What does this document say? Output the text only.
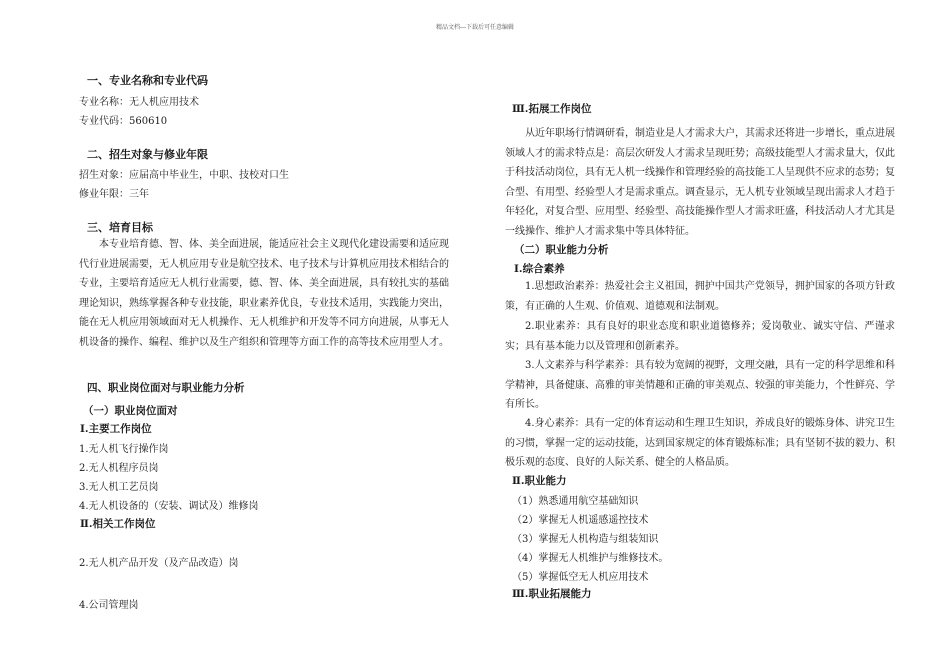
精品文档---下载后可任意编辑
一、专业名称和专业代码
专业名称：无人机应用技术
专业代码：560610
二、招生对象与修业年限
招生对象：应届高中毕业生，中职、技校对口生
修业年限：三年
三、培育目标

本专业培育德、智、体、美全面进展，能适应社会主义现代化建设需要和适应现代行业进展需要，无人机应用专业是航空技术、电子技术与计算机应用技术相结合的专业，主要培育适应无人机行业需要，德、智、体、美全面进展，具有较扎实的基础理论知识，熟练掌握各种专业技能，职业素养优良，专业技术适用，实践能力突出，能在无人机应用领域面对无人机操作、无人机维护和开发等不同方向进展，从事无人机设备的操作、编程、维护以及生产组织和管理等方面工作的高等技术应用型人才。

四、职业岗位面对与职业能力分析
（一）职业岗位面对
Ⅰ.主要工作岗位
1.无人机飞行操作岗
2.无人机程序员岗
3.无人机工艺员岗
4.无人机设备的（安装、调试及）维修岗
Ⅱ.相关工作岗位
2.无人机产品开发（及产品改造）岗
4.公司管理岗
Ⅲ.拓展工作岗位

从近年职场行情调研看，制造业是人才需求大户，其需求还将进一步增长，重点进展领域人才的需求特点是：高层次研发人才需求呈现旺势；高级技能型人才需求量大，仅此于科技活动岗位，具有无人机一线操作和管理经验的高技能工人呈现供不应求的态势；复合型、有用型、经验型人才是需求重点。调查显示，无人机专业领域呈现出需求人才趋于年轻化，对复合型、应用型、经验型、高技能操作型人才需求旺盛，科技活动人才尤其是一线操作、维护人才需求集中等具体特征。

（二）职业能力分析
Ⅰ.综合素养

1.思想政治素养：热爱社会主义祖国，拥护中国共产党领导，拥护国家的各项方针政策，有正确的人生观、价值观、道德观和法制观。

2.职业素养：具有良好的职业态度和职业道德修养；爱岗敬业、诚实守信、严谨求实；具有基本能力以及管理和创新素养。

3.人文素养与科学素养：具有较为宽阔的视野，文理交融，具有一定的科学思维和科学精神，具备健康、高雅的审美情趣和正确的审美观点、较强的审美能力，个性鲜亮、学有所长。

4.身心素养：具有一定的体育运动和生理卫生知识，养成良好的锻炼身体、讲究卫生的习惯，掌握一定的运动技能，达到国家规定的体育锻炼标准；具有坚韧不拔的毅力、积极乐观的态度、良好的人际关系、健全的人格品质。

Ⅱ.职业能力
（1）熟悉通用航空基础知识
（2）掌握无人机遥感遥控技术
（3）掌握无人机构造与组装知识
（4）掌握无人机维护与维修技术。
（5）掌握低空无人机应用技术
Ⅲ.职业拓展能力
